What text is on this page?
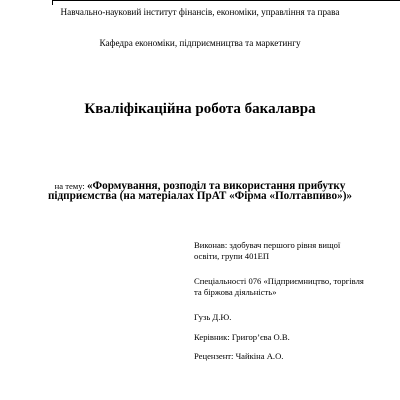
Навчально-науковий інститут фінансів, економіки, управління та права
Кафедра економіки, підприємництва та маркетингу
Кваліфікаційна робота бакалавра
на тему: «Формування, розподіл та використання прибутку
підприємства (на матеріалах ПрАТ «Фірма «Полтавпиво»)»
Виконав: здобувач першого рівня вищої
освіти, групи 401ЕП
Спеціальності 076 «Підприємництво, торгівля
та біржова діяльність»
Гузь Д.Ю.
Керівник: Григор’єва О.В.
Рецензент: Чайкіна А.О.
